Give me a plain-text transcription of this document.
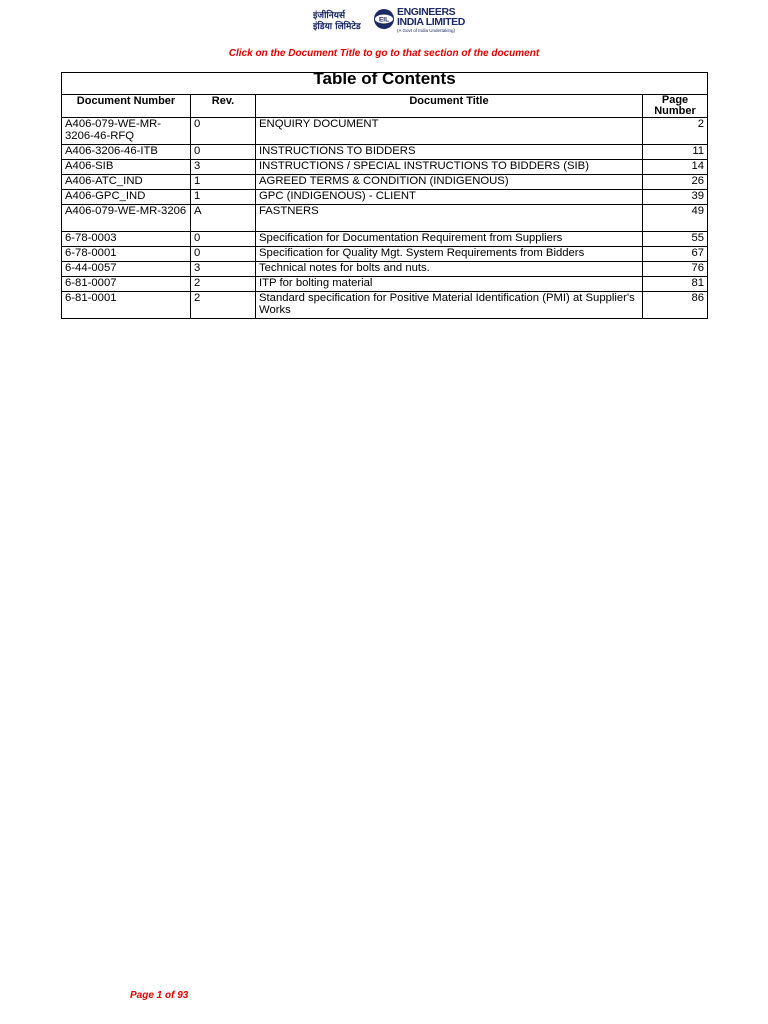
इंजीनियर्स
इंडिया लिमिटेड
EIL
ENGINEERS
INDIA LIMITED
(A Govt of India Undertaking)
Click on the Document Title to go to that section of the document
Table of Contents			
Document Number	Rev.	Document Title	Page
Number

A406-079-WE-MR-3206-46-RFQ	0	ENQUIRY DOCUMENT	2
A406-3206-46-ITB	0	INSTRUCTIONS TO BIDDERS	11
A406-SIB	3	INSTRUCTIONS / SPECIAL INSTRUCTIONS TO BIDDERS (SIB)	14
A406-ATC_IND	1	AGREED TERMS & CONDITION (INDIGENOUS)	26
A406-GPC_IND	1	GPC (INDIGENOUS) - CLIENT	39
A406-079-WE-MR-3206	A	FASTNERS	49
6-78-0003	0	Specification for Documentation Requirement from Suppliers	55
6-78-0001	0	Specification for Quality Mgt. System Requirements from Bidders	67
6-44-0057	3	Technical notes for bolts and nuts.	76
6-81-0007	2	ITP for bolting material	81
6-81-0001	2	Standard specification for Positive Material Identification (PMI) at Supplier's Works	86
Page 1 of 93
